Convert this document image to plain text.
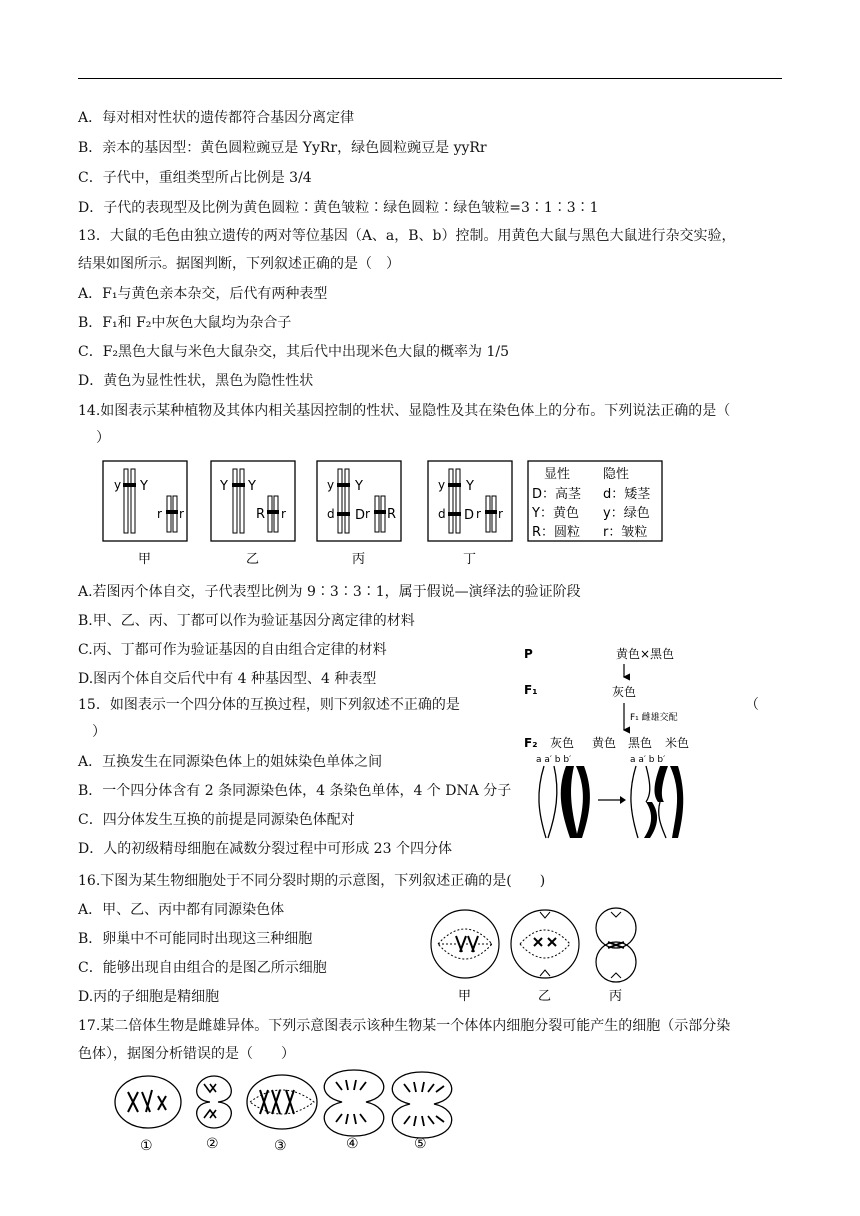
A．每对相对性状的遗传都符合基因分离定律
B．亲本的基因型：黄色圆粒豌豆是 YyRr，绿色圆粒豌豆是 yyRr
C．子代中，重组类型所占比例是 3/4
D．子代的表现型及比例为黄色圆粒∶黄色皱粒∶绿色圆粒∶绿色皱粒=3∶1∶3∶1
13．大鼠的毛色由独立遗传的两对等位基因（A、a，B、b）控制。用黄色大鼠与黑色大鼠进行杂交实验，
结果如图所示。据图判断，下列叙述正确的是（　）
A．F₁与黄色亲本杂交，后代有两种表型
B．F₁和 F₂中灰色大鼠均为杂合子
C．F₂黑色大鼠与米色大鼠杂交，其后代中出现米色大鼠的概率为 1/5
D．黄色为显性性状，黑色为隐性性状
14.如图表示某种植物及其体内相关基因控制的性状、显隐性及其在染色体上的分布。下列说法正确的是（
）
y Y
r r
甲
Y Y
R r
乙
y Y
d D r R
丙
y Y
d D r r
丁
显性	隐性
D：高茎 d：矮茎
Y：黄色 y：绿色
R：圆粒 r：皱粒
A.若图丙个体自交，子代表型比例为 9∶3∶3∶1，属于假说—演绎法的验证阶段
B.甲、乙、丙、丁都可以作为验证基因分离定律的材料
C.丙、丁都可作为验证基因的自由组合定律的材料
D.图丙个体自交后代中有 4 种基因型、4 种表型
P	黄色×黑色
F₁	灰色
F₁ 雌雄交配
F₂ 灰色 黄色 黑色 米色
15．如图表示一个四分体的互换过程，则下列叙述不正确的是	（
）
A．互换发生在同源染色体上的姐妹染色单体之间
B．一个四分体含有 2 条同源染色体，4 条染色单体，4 个 DNA 分子
C．四分体发生互换的前提是同源染色体配对
D．人的初级精母细胞在减数分裂过程中可形成 23 个四分体
a a′ b b′	a a′ b b′
16.下图为某生物细胞处于不同分裂时期的示意图，下列叙述正确的是(　　)
A．甲、乙、丙中都有同源染色体
B．卵巢中不可能同时出现这三种细胞
C．能够出现自由组合的是图乙所示细胞
D.丙的子细胞是精细胞	甲	乙	丙
17.某二倍体生物是雌雄异体。下列示意图表示该种生物某一个体体内细胞分裂可能产生的细胞（示部分染
色体），据图分析错误的是（　　）
①	②	③	④	⑤
